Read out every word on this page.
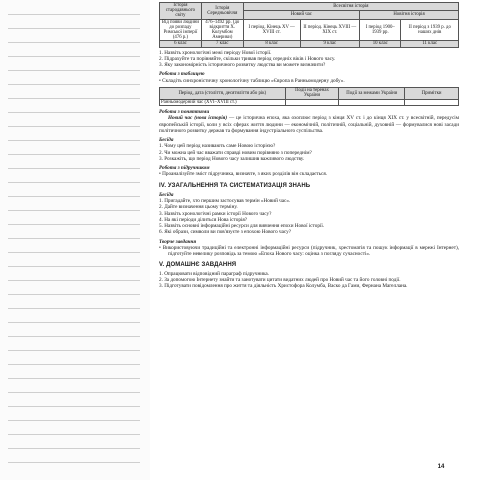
Історія стародавнього світу	Історія Середньовіччя	Всесвітня історія			
		Новий час		Новітня історія	
Від появи людини до розпаду Римської імперії (476 р.)	476–1492 рр. (до відкриття Х. Колумбом Америки)	I період. Кінець XV — XVIII ст.	II період. Кінець XVIII — XIX ст.	I період 1900–1939 рр.	II період з 1939 р. до наших днів
6 клас	7 клас	8 клас	9 клас	10 клас	11 клас
1. Назвіть хронологічні межі періоду Нової історії.
2. Підрахуйте та порівняйте, скільки тривав період середніх віків і Нового часу.
3. Яку закономірність історичного розвитку людства ви можете визначити?
Робота з таблицею
• Складіть синхроністичну хронологічну таблицю «Європа в Ранньомодерну добу».
Період, дата (століття, десятиліття або рік)	Події на теренах України	Події за межами України	Примітки
Ранньомодерний час (XVI–XVIII ст.)			
Робота з поняттями
Новий час (нова історія) — це історична епоха, яка охоплює період з кінця XV ст. і до кінця XIX ст. у всесвітній, передусім європейській історії, коли у всіх сферах життя людини — економічній, політичній, соціальній, духовній — формувалися нові засади політичного розвитку держав та формування індустріального суспільства.
Бесіда
1. Чому цей період називають саме Новою історією?
2. Чи можна цей час вважати справді новим порівняно з попереднім?
3. Розкажіть, що період Нового часу залишив важливого людству.
Робота з підручником
• Проаналізуйте зміст підручника, визначте, з яких розділів він складається.
IV. УЗАГАЛЬНЕННЯ ТА СИСТЕМАТИЗАЦІЯ ЗНАНЬ
Бесіда
1. Пригадайте, хто першим застосував термін «Новий час».
2. Дайте визначення цьому терміну.
3. Назвіть хронологічні рамки історії Нового часу?
4. На які періоди ділиться Нова історія?
5. Назвіть основні інформаційні ресурси для вивчення епохи Нової історії.
6. Які образи, символи ви пов'язуєте з епохою Нового часу?
Творче завдання
• Використовуючи традиційні та електронні інформаційні ресурси (підручник, хрестоматія та пошук інформації в мережі Інтернет), підготуйте невелику розповідь за темою «Епоха Нового часу: оцінка з погляду сучасності».
V. ДОМАШНЄ ЗАВДАННЯ
1. Опрацювати відповідний параграф підручника.
2. За допомогою Інтернету знайти та занотувати цитати видатних людей про Новий час та його головні події.
3. Підготувати повідомлення про життя та діяльність Христофора Колумба, Васко да Гами, Фернана Магеллана.
14
